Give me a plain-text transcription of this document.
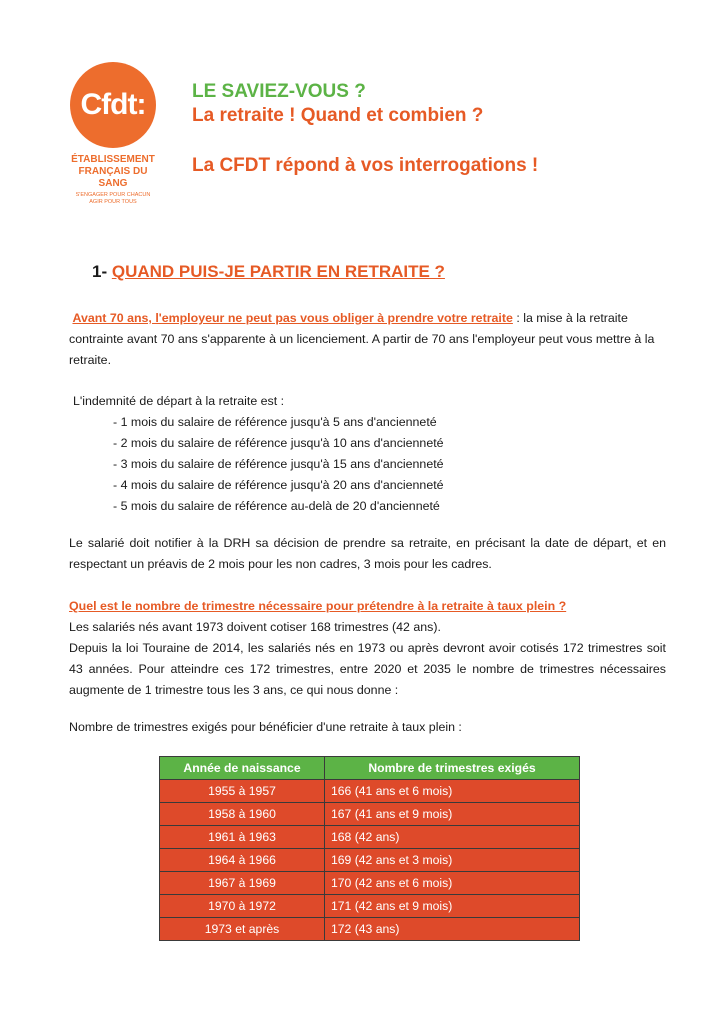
Cfdt:
ÉTABLISSEMENT
FRANÇAIS DU SANG
S'ENGAGER POUR CHACUN
AGIR POUR TOUS
LE SAVIEZ-VOUS ?
La retraite ! Quand et combien ?
La CFDT répond à vos interrogations !
1- QUAND PUIS-JE PARTIR EN RETRAITE ?
Avant 70 ans, l'employeur ne peut pas vous obliger à prendre votre retraite : la mise à la retraite contrainte avant 70 ans s'apparente à un licenciement. A partir de 70 ans l'employeur peut vous mettre à la retraite.
L'indemnité de départ à la retraite est :
- 1 mois du salaire de référence jusqu'à 5 ans d'ancienneté
- 2 mois du salaire de référence jusqu'à 10 ans d'ancienneté
- 3 mois du salaire de référence jusqu'à 15 ans d'ancienneté
- 4 mois du salaire de référence jusqu'à 20 ans d'ancienneté
- 5 mois du salaire de référence au-delà de 20 d'ancienneté
Le salarié doit notifier à la DRH sa décision de prendre sa retraite, en précisant la date de départ, et en respectant un préavis de 2 mois pour les non cadres, 3 mois pour les cadres.
Quel est le nombre de trimestre nécessaire pour prétendre à la retraite à taux plein ?
Les salariés nés avant 1973 doivent cotiser 168 trimestres (42 ans).
Depuis la loi Touraine de 2014, les salariés nés en 1973 ou après devront avoir cotisés 172 trimestres soit 43 années. Pour atteindre ces 172 trimestres, entre 2020 et 2035 le nombre de trimestres nécessaires augmente de 1 trimestre tous les 3 ans, ce qui nous donne :
Nombre de trimestres exigés pour bénéficier d'une retraite à taux plein :
Année de naissance	Nombre de trimestres exigés
1955 à 1957	166 (41 ans et 6 mois)
1958 à 1960	167 (41 ans et 9 mois)
1961 à 1963	168 (42 ans)
1964 à 1966	169 (42 ans et 3 mois)
1967 à 1969	170 (42 ans et 6 mois)
1970 à 1972	171 (42 ans et 9 mois)
1973 et après	172 (43 ans)
